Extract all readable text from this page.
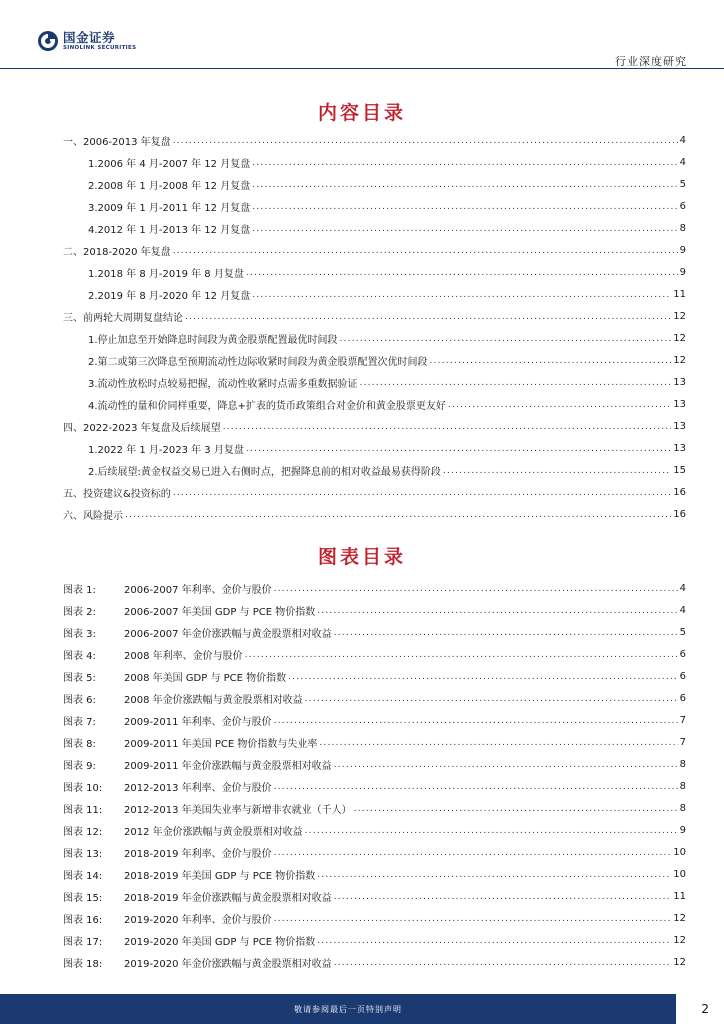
国金证券
SINOLINK SECURITIES
行业深度研究
内容目录
一、2006-2013 年复盘 .....	4
1.2006 年 4 月-2007 年 12 月复盘 .....	4
2.2008 年 1 月-2008 年 12 月复盘 .....	5
3.2009 年 1 月-2011 年 12 月复盘 .....	6
4.2012 年 1 月-2013 年 12 月复盘 .....	8
二、2018-2020 年复盘 .....	9
1.2018 年 8 月-2019 年 8 月复盘 .....	9
2.2019 年 8 月-2020 年 12 月复盘 .....	11
三、前两轮大周期复盘结论 .....	12
1.停止加息至开始降息时间段为黄金股票配置最优时间段 .....	12
2.第二或第三次降息至预期流动性边际收紧时间段为黄金股票配置次优时间段 .....	12
3.流动性放松时点较易把握，流动性收紧时点需多重数据验证 .....	13
4.流动性的量和价同样重要，降息+扩表的货币政策组合对金价和黄金股票更友好 .....	13
四、2022-2023 年复盘及后续展望 .....	13
1.2022 年 1 月-2023 年 3 月复盘 .....	13
2.后续展望:黄金权益交易已进入右侧时点，把握降息前的相对收益最易获得阶段 .....	15
五、投资建议&投资标的 .....	16
六、风险提示 .....	16
图表目录
图表 1:	2006-2007 年利率、金价与股价 .....	4
图表 2:	2006-2007 年美国 GDP 与 PCE 物价指数 .....	4
图表 3:	2006-2007 年金价涨跌幅与黄金股票相对收益 .....	5
图表 4:	2008 年利率、金价与股价 .....	6
图表 5:	2008 年美国 GDP 与 PCE 物价指数 .....	6
图表 6:	2008 年金价涨跌幅与黄金股票相对收益 .....	6
图表 7:	2009-2011 年利率、金价与股价 .....	7
图表 8:	2009-2011 年美国 PCE 物价指数与失业率 .....	7
图表 9:	2009-2011 年金价涨跌幅与黄金股票相对收益 .....	8
图表 10:	2012-2013 年利率、金价与股价 .....	8
图表 11:	2012-2013 年美国失业率与新增非农就业（千人） .....	8
图表 12:	2012 年金价涨跌幅与黄金股票相对收益 .....	9
图表 13:	2018-2019 年利率、金价与股价 .....	10
图表 14:	2018-2019 年美国 GDP 与 PCE 物价指数 .....	10
图表 15:	2018-2019 年金价涨跌幅与黄金股票相对收益 .....	11
图表 16:	2019-2020 年利率、金价与股价 .....	12
图表 17:	2019-2020 年美国 GDP 与 PCE 物价指数 .....	12
图表 18:	2019-2020 年金价涨跌幅与黄金股票相对收益 .....	12
敬请参阅最后一页特别声明	2
